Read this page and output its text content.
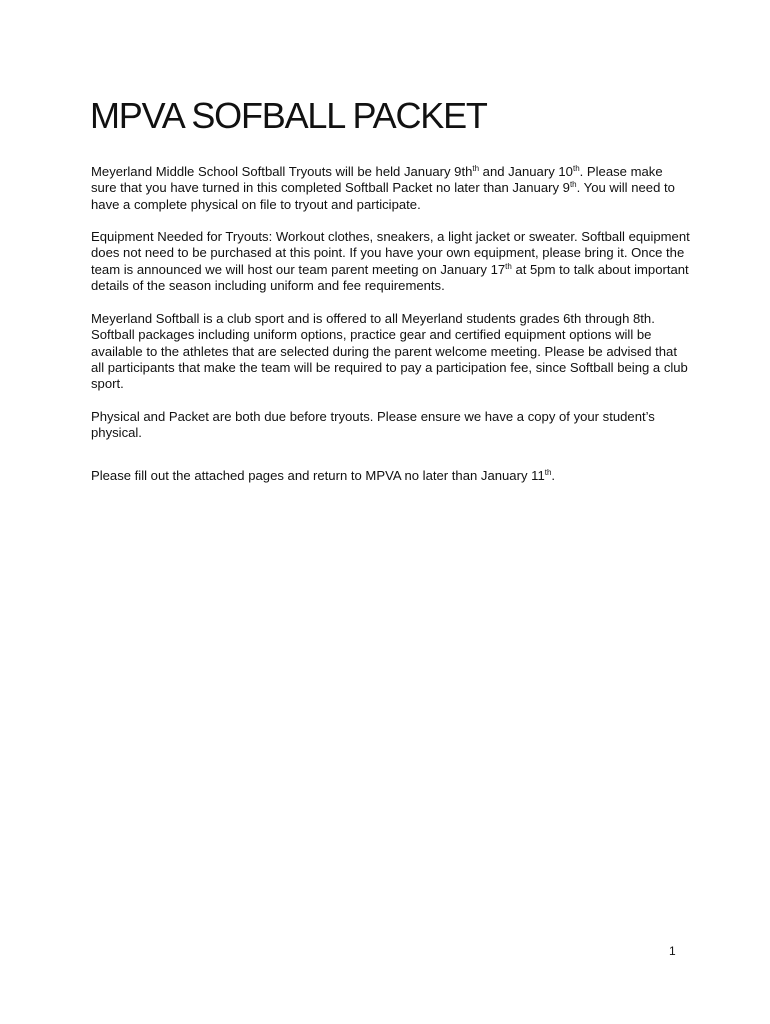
MPVA SOFBALL PACKET

Meyerland Middle School Softball Tryouts will be held January $9th^{th}$ and January 10th. Please make sure that you have turned in this completed Softball Packet no later than January 9th. You will need to have a complete physical on file to tryout and participate.

Equipment Needed for Tryouts: Workout clothes, sneakers, a light jacket or sweater. Softball equipment does not need to be purchased at this point. If you have your own equipment, please bring it. Once the team is announced we will host our team parent meeting on January 17th at 5pm to talk about important details of the season including uniform and fee requirements.

Meyerland Softball is a club sport and is offered to all Meyerland students grades 6th through 8th. Softball packages including uniform options, practice gear and certified equipment options will be available to the athletes that are selected during the parent welcome meeting. Please be advised that all participants that make the team will be required to pay a participation fee, since Softball being a club sport.

Physical and Packet are both due before tryouts. Please ensure we have a copy of your student’s physical.

Please fill out the attached pages and return to MPVA no later than January 11th.

1
